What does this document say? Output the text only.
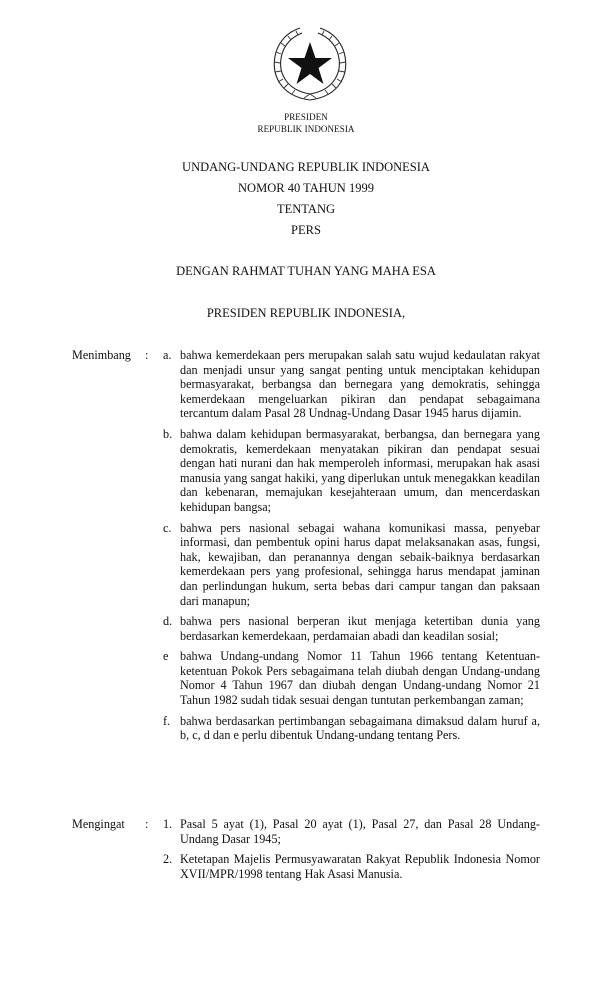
PRESIDEN
REPUBLIK INDONESIA
UNDANG-UNDANG REPUBLIK INDONESIA
NOMOR 40 TAHUN 1999
TENTANG
PERS
DENGAN RAHMAT TUHAN YANG MAHA ESA
PRESIDEN REPUBLIK INDONESIA,
Menimbang : a. bahwa kemerdekaan pers merupakan salah satu wujud kedaulatan rakyat dan menjadi unsur yang sangat penting untuk menciptakan kehidupan bermasyarakat, berbangsa dan bernegara yang demokratis, sehingga kemerdekaan mengeluarkan pikiran dan pendapat sebagaimana tercantum dalam Pasal 28 Undnag-Undang Dasar 1945 harus dijamin.
b. bahwa dalam kehidupan bermasyarakat, berbangsa, dan bernegara yang demokratis, kemerdekaan menyatakan pikiran dan pendapat sesuai dengan hati nurani dan hak memperoleh informasi, merupakan hak asasi manusia yang sangat hakiki, yang diperlukan untuk menegakkan keadilan dan kebenaran, memajukan kesejahteraan umum, dan mencerdaskan kehidupan bangsa;
c. bahwa pers nasional sebagai wahana komunikasi massa, penyebar informasi, dan pembentuk opini harus dapat melaksanakan asas, fungsi, hak, kewajiban, dan peranannya dengan sebaik-baiknya berdasarkan kemerdekaan pers yang profesional, sehingga harus mendapat jaminan dan perlindungan hukum, serta bebas dari campur tangan dan paksaan dari manapun;
d. bahwa pers nasional berperan ikut menjaga ketertiban dunia yang berdasarkan kemerdekaan, perdamaian abadi dan keadilan sosial;
e bahwa Undang-undang Nomor 11 Tahun 1966 tentang Ketentuan-ketentuan Pokok Pers sebagaimana telah diubah dengan Undang-undang Nomor 4 Tahun 1967 dan diubah dengan Undang-undang Nomor 21 Tahun 1982 sudah tidak sesuai dengan tuntutan perkembangan zaman;
f. bahwa berdasarkan pertimbangan sebagaimana dimaksud dalam huruf a, b, c, d dan e perlu dibentuk Undang-undang tentang Pers.
Mengingat : 1. Pasal 5 ayat (1), Pasal 20 ayat (1), Pasal 27, dan Pasal 28 Undang-Undang Dasar 1945;
2. Ketetapan Majelis Permusyawaratan Rakyat Republik Indonesia Nomor XVII/MPR/1998 tentang Hak Asasi Manusia.
